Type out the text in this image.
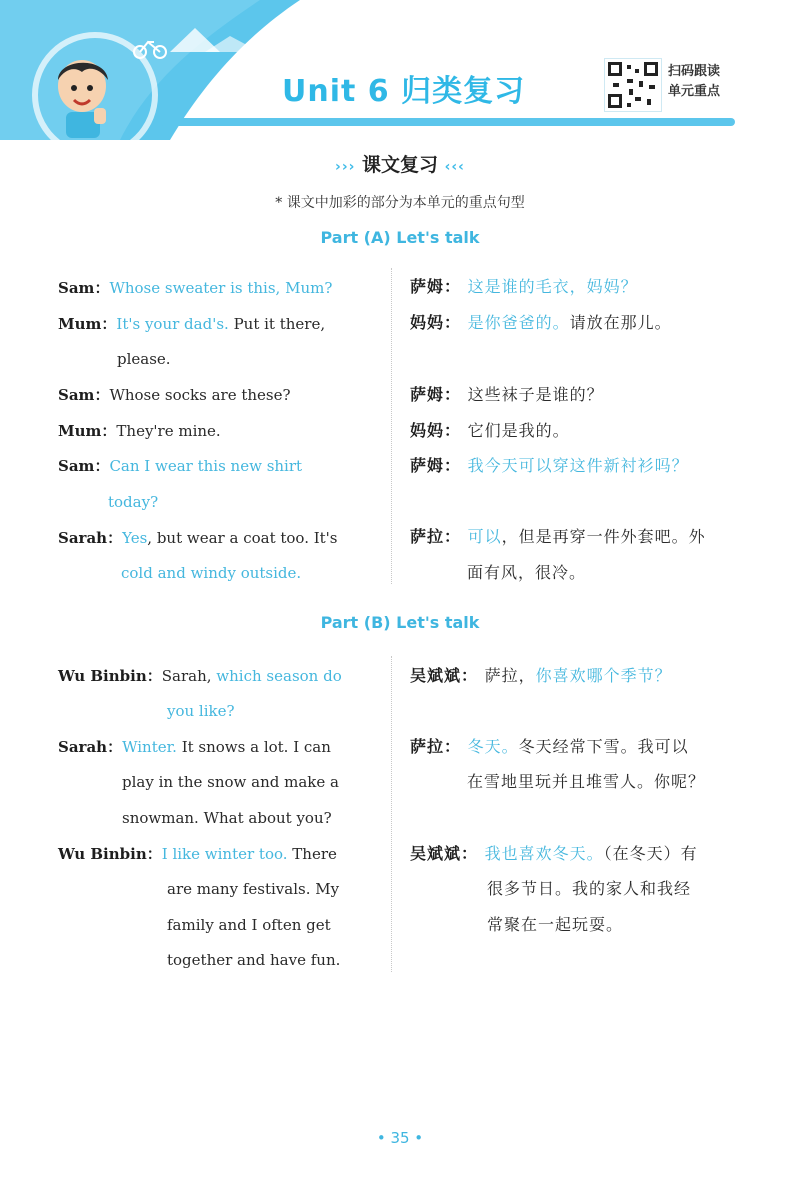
Unit 6 归类复习
扫码跟读
单元重点
››› 课文复习 ‹‹‹
* 课文中加彩的部分为本单元的重点句型
Part (A) Let's talk
Sam：Whose sweater is this, Mum?
Mum：It's your dad's. Put it there,
please.
Sam：Whose socks are these?
Mum：They're mine.
Sam：Can I wear this new shirt
today?
Sarah：Yes, but wear a coat too. It's
cold and windy outside.
萨姆： 这是谁的毛衣，妈妈？
妈妈： 是你爸爸的。请放在那儿。
萨姆： 这些袜子是谁的？
妈妈： 它们是我的。
萨姆： 我今天可以穿这件新衬衫吗？
萨拉： 可以，但是再穿一件外套吧。外
面有风，很冷。
Part (B) Let's talk
Wu Binbin：Sarah, which season do
you like?
Sarah：Winter. It snows a lot. I can
play in the snow and make a
snowman. What about you?
Wu Binbin：I like winter too. There
are many festivals. My
family and I often get
together and have fun.
吴斌斌： 萨拉，你喜欢哪个季节？
萨拉： 冬天。冬天经常下雪。我可以
在雪地里玩并且堆雪人。你呢？
吴斌斌： 我也喜欢冬天。（在冬天）有
很多节日。我的家人和我经
常聚在一起玩耍。
• 35 •
